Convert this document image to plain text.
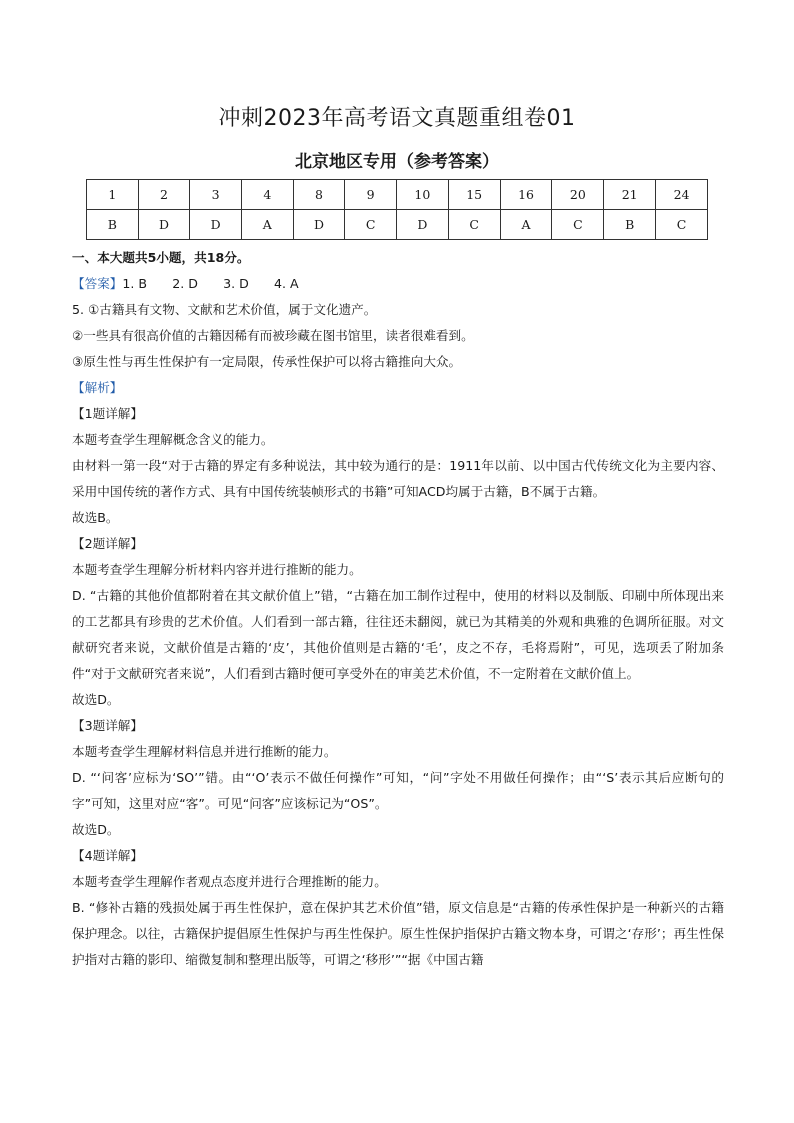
冲刺2023年高考语文真题重组卷01
北京地区专用（参考答案）
1	2	3	4	8	9	10	15	16	20	21	24
B	D	D	A	D	C	D	C	A	C	B	C

一、本大题共5小题，共18分。

【答案】1. B　　2. D　　3. D　　4. A

5. ①古籍具有文物、文献和艺术价值，属于文化遗产。

②一些具有很高价值的古籍因稀有而被珍藏在图书馆里，读者很难看到。

③原生性与再生性保护有一定局限，传承性保护可以将古籍推向大众。

【解析】

【1题详解】

本题考查学生理解概念含义的能力。

由材料一第一段“对于古籍的界定有多种说法，其中较为通行的是：1911年以前、以中国古代传统文化为主要内容、采用中国传统的著作方式、具有中国传统装帧形式的书籍”可知ACD均属于古籍，B不属于古籍。

故选B。

【2题详解】

本题考查学生理解分析材料内容并进行推断的能力。

D. “古籍的其他价值都附着在其文献价值上”错，“古籍在加工制作过程中，使用的材料以及制版、印刷中所体现出来的工艺都具有珍贵的艺术价值。人们看到一部古籍，往往还未翻阅，就已为其精美的外观和典雅的色调所征服。对文献研究者来说，文献价值是古籍的‘皮’，其他价值则是古籍的‘毛’，皮之不存，毛将焉附”，可见，选项丢了附加条件“对于文献研究者来说”，人们看到古籍时便可享受外在的审美艺术价值，不一定附着在文献价值上。

故选D。

【3题详解】

本题考查学生理解材料信息并进行推断的能力。

D. “‘问客’应标为‘SO’”错。由“‘O’表示不做任何操作”可知，“问”字处不用做任何操作；由“‘S’表示其后应断句的字”可知，这里对应“客”。可见“问客”应该标记为“OS”。

故选D。

【4题详解】

本题考查学生理解作者观点态度并进行合理推断的能力。

B. “修补古籍的残损处属于再生性保护，意在保护其艺术价值”错，原文信息是“古籍的传承性保护是一种新兴的古籍保护理念。以往，古籍保护提倡原生性保护与再生性保护。原生性保护指保护古籍文物本身，可谓之‘存形’；再生性保护指对古籍的影印、缩微复制和整理出版等，可谓之‘移形’”“据《中国古籍
